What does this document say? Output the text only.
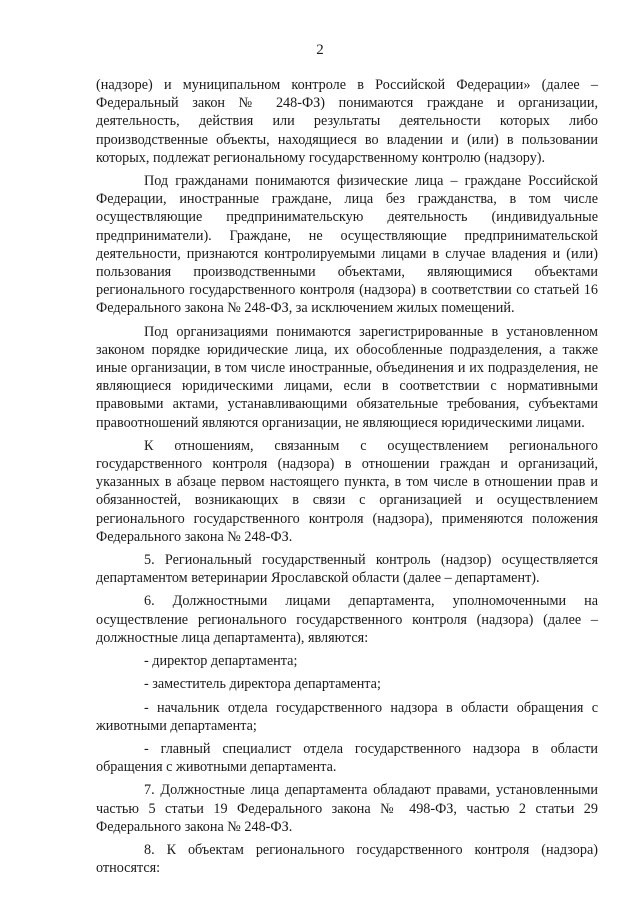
2

(надзоре) и муниципальном контроле в Российской Федерации» (далее – Федеральный закон № 248-ФЗ) понимаются граждане и организации, деятельность, действия или результаты деятельности которых либо производственные объекты, находящиеся во владении и (или) в пользовании которых, подлежат региональному государственному контролю (надзору).

Под гражданами понимаются физические лица – граждане Российской Федерации, иностранные граждане, лица без гражданства, в том числе осуществляющие предпринимательскую деятельность (индивидуальные предприниматели). Граждане, не осуществляющие предпринимательской деятельности, признаются контролируемыми лицами в случае владения и (или) пользования производственными объектами, являющимися объектами регионального государственного контроля (надзора) в соответствии со статьей 16 Федерального закона № 248-ФЗ, за исключением жилых помещений.

Под организациями понимаются зарегистрированные в установленном законом порядке юридические лица, их обособленные подразделения, а также иные организации, в том числе иностранные, объединения и их подразделения, не являющиеся юридическими лицами, если в соответствии с нормативными правовыми актами, устанавливающими обязательные требования, субъектами правоотношений являются организации, не являющиеся юридическими лицами.

К отношениям, связанным с осуществлением регионального государственного контроля (надзора) в отношении граждан и организаций, указанных в абзаце первом настоящего пункта, в том числе в отношении прав и обязанностей, возникающих в связи с организацией и осуществлением регионального государственного контроля (надзора), применяются положения Федерального закона № 248-ФЗ.

5. Региональный государственный контроль (надзор) осуществляется департаментом ветеринарии Ярославской области (далее – департамент).

6. Должностными лицами департамента, уполномоченными на осуществление регионального государственного контроля (надзора) (далее – должностные лица департамента), являются:

- директор департамента;

- заместитель директора департамента;

- начальник отдела государственного надзора в области обращения с животными департамента;

- главный специалист отдела государственного надзора в области обращения с животными департамента.

7. Должностные лица департамента обладают правами, установленными частью 5 статьи 19 Федерального закона № 498-ФЗ, частью 2 статьи 29 Федерального закона № 248-ФЗ.

8. К объектам регионального государственного контроля (надзора) относятся:
